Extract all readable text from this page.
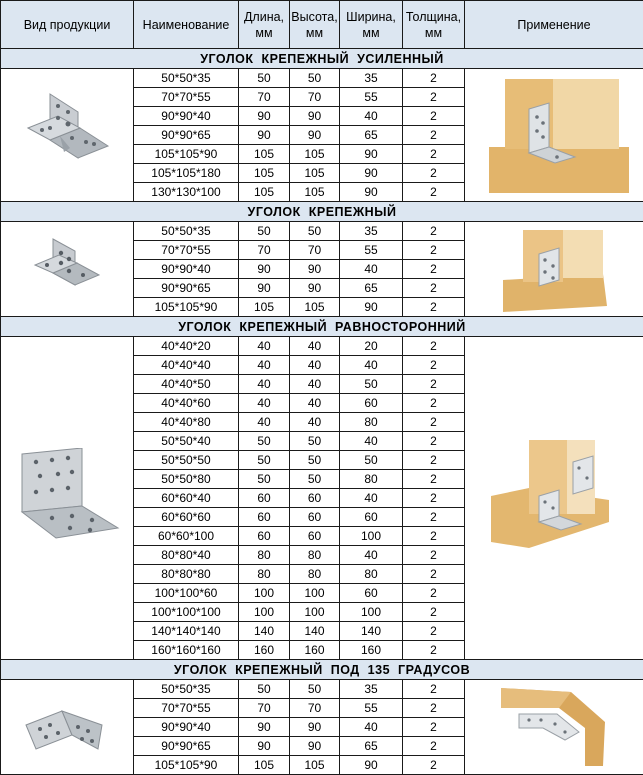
Вид продукции	Наименование	Длина, мм	Высота, мм	Ширина, мм	Толщина, мм	Применение
УГОЛОК КРЕПЕЖНЫЙ УСИЛЕННЫЙ						

	50*50*35	50	50	35	2	

	70*70*55	70	70	55	2	
	90*90*40	90	90	40	2	
	90*90*65	90	90	65	2	
	105*105*90	105	105	90	2	
	105*105*180	105	105	90	2	
	130*130*100	105	105	90	2	
УГОЛОК КРЕПЕЖНЫЙ						

	50*50*35	50	50	35	2	

	70*70*55	70	70	55	2	
	90*90*40	90	90	40	2	
	90*90*65	90	90	65	2	
	105*105*90	105	105	90	2	
УГОЛОК КРЕПЕЖНЫЙ РАВНОСТОРОННИЙ						

	40*40*20	40	40	20	2	

	40*40*40	40	40	40	2	
	40*40*50	40	40	50	2	
	40*40*60	40	40	60	2	
	40*40*80	40	40	80	2	
	50*50*40	50	50	40	2	
	50*50*50	50	50	50	2	
	50*50*80	50	50	80	2	
	60*60*40	60	60	40	2	
	60*60*60	60	60	60	2	
	60*60*100	60	60	100	2	
	80*80*40	80	80	40	2	
	80*80*80	80	80	80	2	
	100*100*60	100	100	60	2	
	100*100*100	100	100	100	2	
	140*140*140	140	140	140	2	
	160*160*160	160	160	160	2	
УГОЛОК КРЕПЕЖНЫЙ ПОД 135 ГРАДУСОВ						

	50*50*35	50	50	35	2	

	70*70*55	70	70	55	2	
	90*90*40	90	90	40	2	
	90*90*65	90	90	65	2	
	105*105*90	105	105	90	2	
